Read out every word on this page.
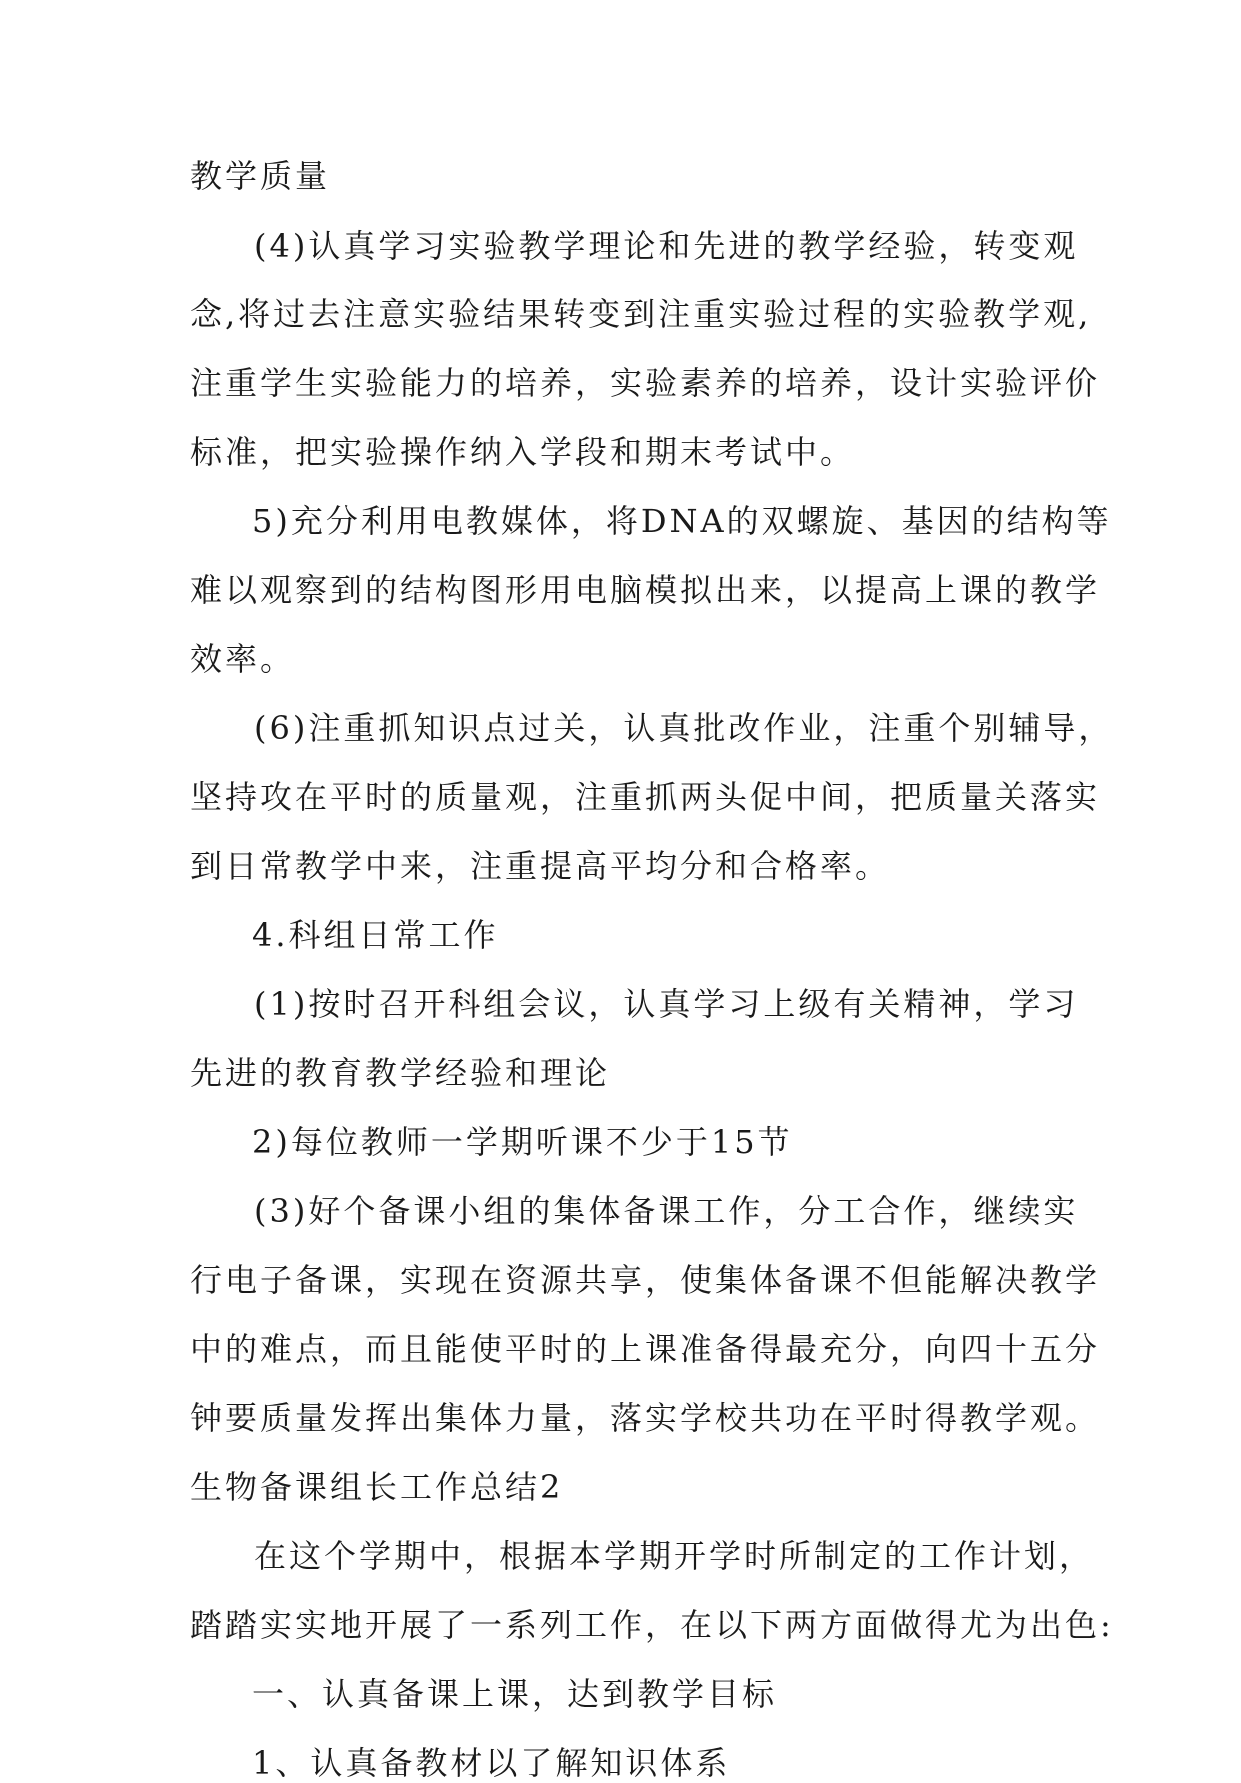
教学质量

(4)认真学习实验教学理论和先进的教学经验，转变观

念,将过去注意实验结果转变到注重实验过程的实验教学观,

注重学生实验能力的培养，实验素养的培养，设计实验评价

标准，把实验操作纳入学段和期末考试中。

5)充分利用电教媒体，将DNA的双螺旋、基因的结构等

难以观察到的结构图形用电脑模拟出来，以提高上课的教学

效率。

(6)注重抓知识点过关，认真批改作业，注重个别辅导，

坚持攻在平时的质量观，注重抓两头促中间，把质量关落实

到日常教学中来，注重提高平均分和合格率。

4.科组日常工作

(1)按时召开科组会议，认真学习上级有关精神，学习

先进的教育教学经验和理论

2)每位教师一学期听课不少于15节

(3)好个备课小组的集体备课工作，分工合作，继续实

行电子备课，实现在资源共享，使集体备课不但能解决教学

中的难点，而且能使平时的上课准备得最充分，向四十五分

钟要质量发挥出集体力量，落实学校共功在平时得教学观。

生物备课组长工作总结2

在这个学期中，根据本学期开学时所制定的工作计划，

踏踏实实地开展了一系列工作，在以下两方面做得尤为出色:

一、认真备课上课，达到教学目标

1、认真备教材以了解知识体系
